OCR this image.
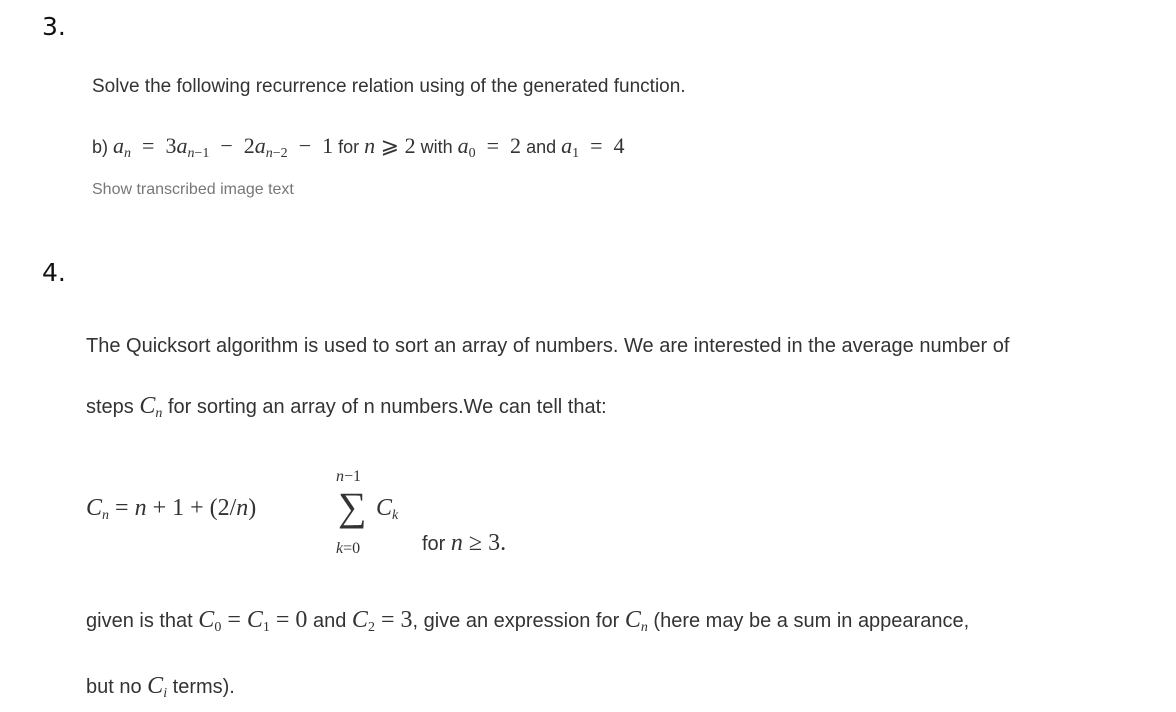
3.
Solve the following recurrence relation using of the generated function.
b) an  =  3an−1  −  2an−2  −  1 for n ⩾ 2 with a0  =  2 and a1  =  4
Show transcribed image text
4.
The Quicksort algorithm is used to sort an array of numbers. We are interested in the average number of
steps Cn for sorting an array of n numbers.We can tell that:
n−1
Cn = n + 1 + (2/n) ∑ Ck
k=0	for n ≥ 3.
given is that C0 = C1 = 0 and C2 = 3, give an expression for Cn (here may be a sum in appearance,
but no Ci terms).
